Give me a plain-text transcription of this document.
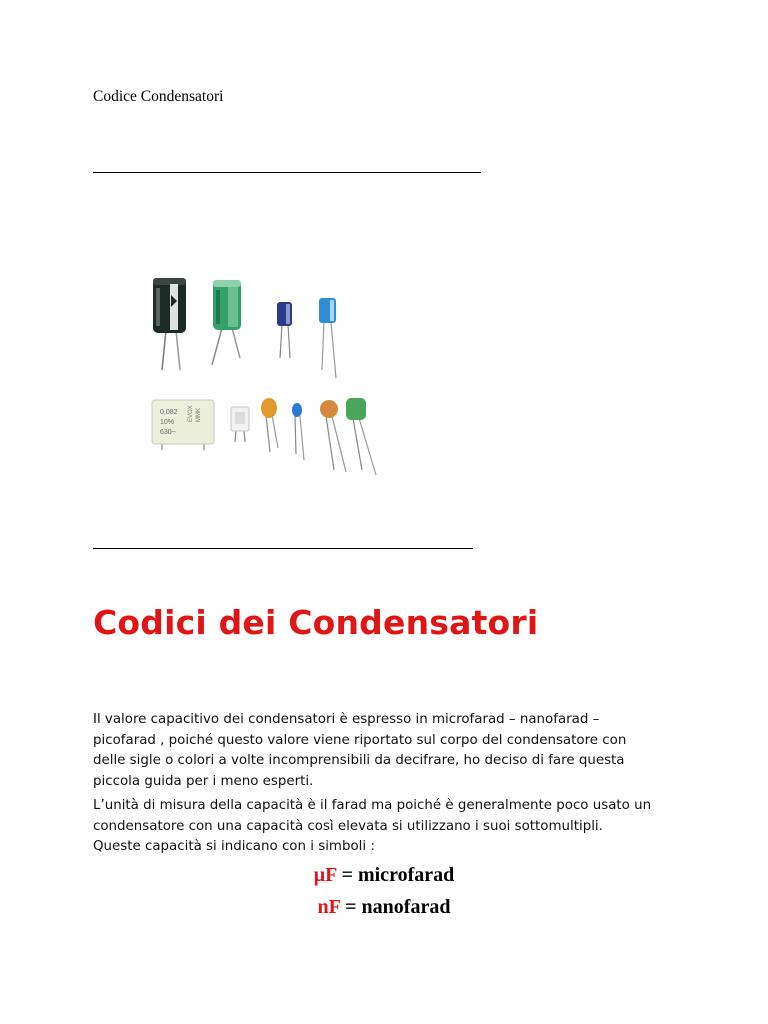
Codice Condensatori
0,082
10%
630~
EVOX MMK
Codici dei Condensatori

Il valore capacitivo dei condensatori è espresso in microfarad – nanofarad – picofarad , poiché questo valore viene riportato sul corpo del condensatore con delle sigle o colori a volte incomprensibili da decifrare, ho deciso di fare questa piccola guida per i meno esperti.

L’unità di misura della capacità è il farad ma poiché è generalmente poco usato un condensatore con una capacità così elevata si utilizzano i suoi sottomultipli. Queste capacità si indicano con i simboli :

μF = microfarad
nF = nanofarad
